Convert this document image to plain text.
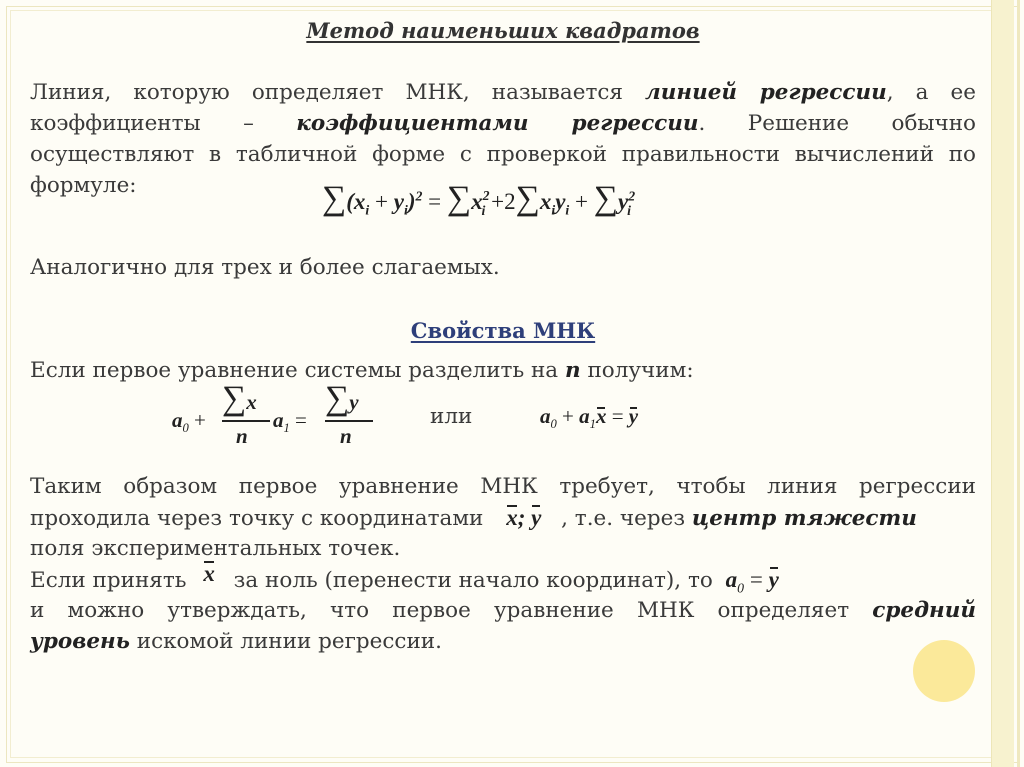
Метод наименьших квадратов
Линия, которую определяет МНК, называется линией регрессии, а ее
коэффициенты – коэффициентами регрессии. Решение обычно
осуществляют в табличной форме с проверкой правильности вычислений по
формуле:	$\sum(x_i + y_i)^2 = \sum x^2_i +2\sum x_iy_i + \sum y^2_i$
Аналогично для трех и более слагаемых.
Свойства МНК
Если первое уравнение системы разделить на n получим:
$a_0$ +
∑x
n
$a_1$ =
∑y
n
или	$a_0 + a_1x = y$
Таким образом первое уравнение МНК требует, чтобы линия регрессии
проходила через точку с координатами x; y , т.е. через центр тяжести
поля экспериментальных точек.
Если принять x за ноль (перенести начало координат), то $a_0 = y$
и можно утверждать, что первое уравнение МНК определяет средний
уровень искомой линии регрессии.
